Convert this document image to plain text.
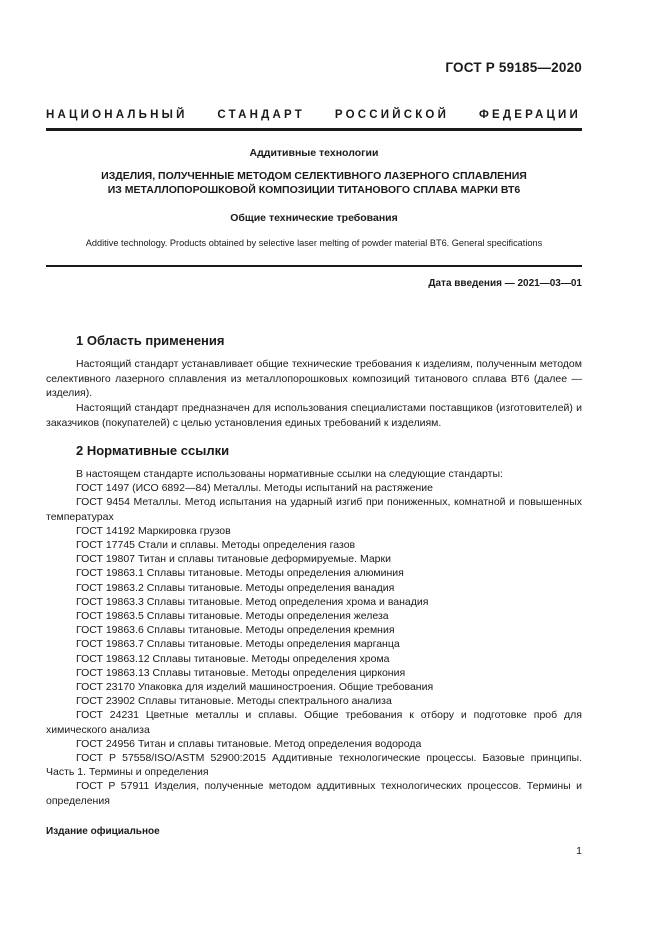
ГОСТ Р 59185—2020
НАЦИОНАЛЬНЫЙ СТАНДАРТ РОССИЙСКОЙ ФЕДЕРАЦИИ
Аддитивные технологии
ИЗДЕЛИЯ, ПОЛУЧЕННЫЕ МЕТОДОМ СЕЛЕКТИВНОГО ЛАЗЕРНОГО СПЛАВЛЕНИЯ
ИЗ МЕТАЛЛОПОРОШКОВОЙ КОМПОЗИЦИИ ТИТАНОВОГО СПЛАВА МАРКИ ВТ6
Общие технические требования
Additive technology. Products obtained by selective laser melting of powder material BT6. General specifications
Дата введения — 2021—03—01
1 Область применения

Настоящий стандарт устанавливает общие технические требования к изделиям, полученным методом селективного лазерного сплавления из металлопорошковых композиций титанового сплава ВТ6 (далее — изделия).

Настоящий стандарт предназначен для использования специалистами поставщиков (изготовителей) и заказчиков (покупателей) с целью установления единых требований к изделиям.

2 Нормативные ссылки
В настоящем стандарте использованы нормативные ссылки на следующие стандарты:
ГОСТ 1497 (ИСО 6892—84) Металлы. Методы испытаний на растяжение
ГОСТ 9454 Металлы. Метод испытания на ударный изгиб при пониженных, комнатной и повышенных температурах
ГОСТ 14192 Маркировка грузов
ГОСТ 17745 Стали и сплавы. Методы определения газов
ГОСТ 19807 Титан и сплавы титановые деформируемые. Марки
ГОСТ 19863.1 Сплавы титановые. Методы определения алюминия
ГОСТ 19863.2 Сплавы титановые. Методы определения ванадия
ГОСТ 19863.3 Сплавы титановые. Метод определения хрома и ванадия
ГОСТ 19863.5 Сплавы титановые. Методы определения железа
ГОСТ 19863.6 Сплавы титановые. Методы определения кремния
ГОСТ 19863.7 Сплавы титановые. Методы определения марганца
ГОСТ 19863.12 Сплавы титановые. Методы определения хрома
ГОСТ 19863.13 Сплавы титановые. Методы определения циркония
ГОСТ 23170 Упаковка для изделий машиностроения. Общие требования
ГОСТ 23902 Сплавы титановые. Методы спектрального анализа
ГОСТ 24231 Цветные металлы и сплавы. Общие требования к отбору и подготовке проб для химического анализа
ГОСТ 24956 Титан и сплавы титановые. Метод определения водорода
ГОСТ Р 57558/ISO/ASTM 52900:2015 Аддитивные технологические процессы. Базовые принципы. Часть 1. Термины и определения
ГОСТ Р 57911 Изделия, полученные методом аддитивных технологических процессов. Термины и определения
Издание официальное
1
